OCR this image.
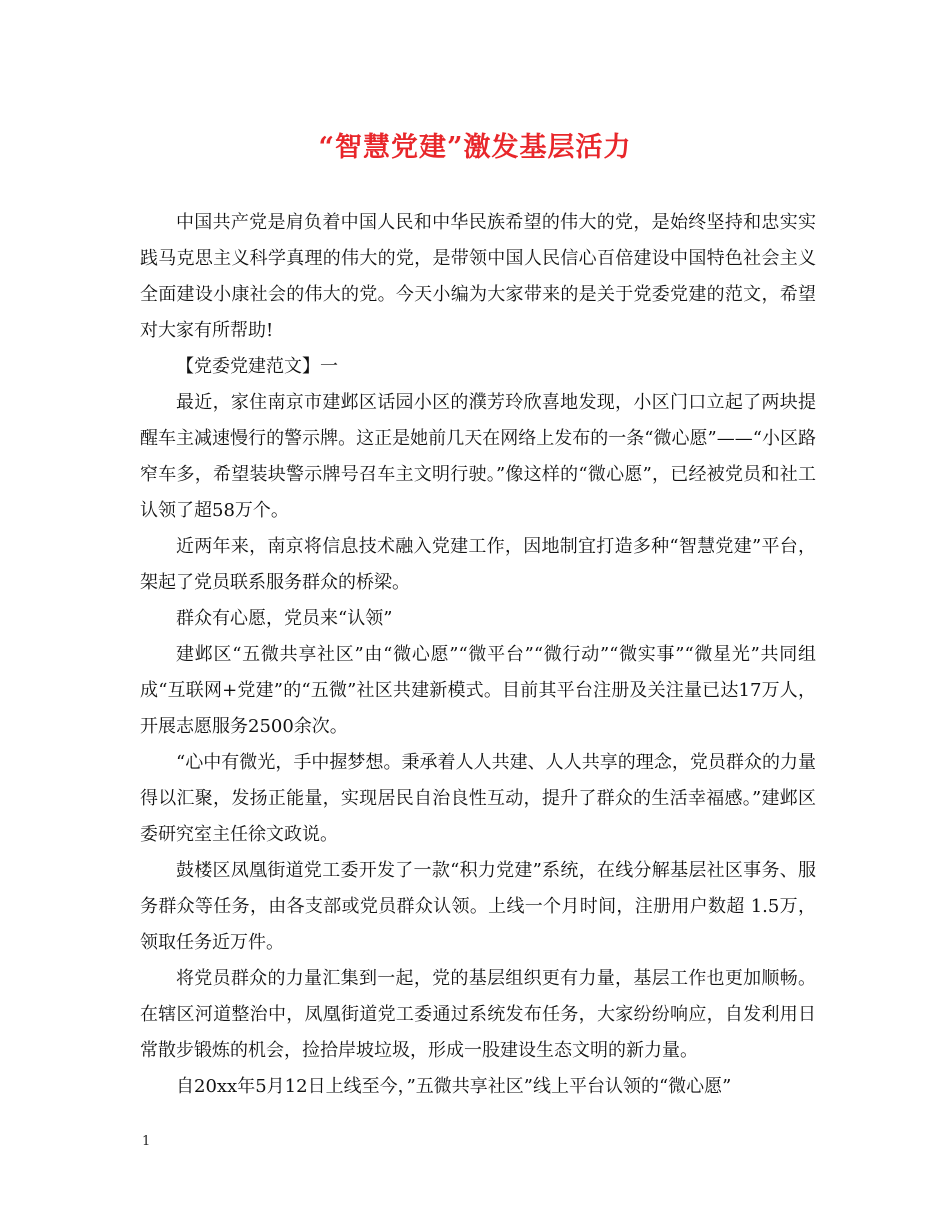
“智慧党建”激发基层活力

中国共产党是肩负着中国人民和中华民族希望的伟大的党，是始终坚持和忠实实践马克思主义科学真理的伟大的党，是带领中国人民信心百倍建设中国特色社会主义全面建设小康社会的伟大的党。今天小编为大家带来的是关于党委党建的范文，希望对大家有所帮助!

【党委党建范文】一

最近，家住南京市建邺区话园小区的濮芳玲欣喜地发现，小区门口立起了两块提醒车主减速慢行的警示牌。这正是她前几天在网络上发布的一条“微心愿”——“小区路窄车多，希望装块警示牌号召车主文明行驶。”像这样的“微心愿”，已经被党员和社工认领了超58万个。

近两年来，南京将信息技术融入党建工作，因地制宜打造多种“智慧党建”平台，架起了党员联系服务群众的桥梁。

群众有心愿，党员来“认领”

建邺区“五微共享社区”由“微心愿”“微平台”“微行动”“微实事”“微星光”共同组成“互联网+党建”的“五微”社区共建新模式。目前其平台注册及关注量已达17万人，开展志愿服务2500余次。

“心中有微光，手中握梦想。秉承着人人共建、人人共享的理念，党员群众的力量得以汇聚，发扬正能量，实现居民自治良性互动，提升了群众的生活幸福感。”建邺区委研究室主任徐文政说。

鼓楼区凤凰街道党工委开发了一款“积力党建”系统，在线分解基层社区事务、服务群众等任务，由各支部或党员群众认领。上线一个月时间，注册用户数超 1.5万，领取任务近万件。

将党员群众的力量汇集到一起，党的基层组织更有力量，基层工作也更加顺畅。在辖区河道整治中，凤凰街道党工委通过系统发布任务，大家纷纷响应，自发利用日常散步锻炼的机会，捡拾岸坡垃圾，形成一股建设生态文明的新力量。

自20xx年5月12日上线至今，”五微共享社区”线上平台认领的“微心愿”

1
